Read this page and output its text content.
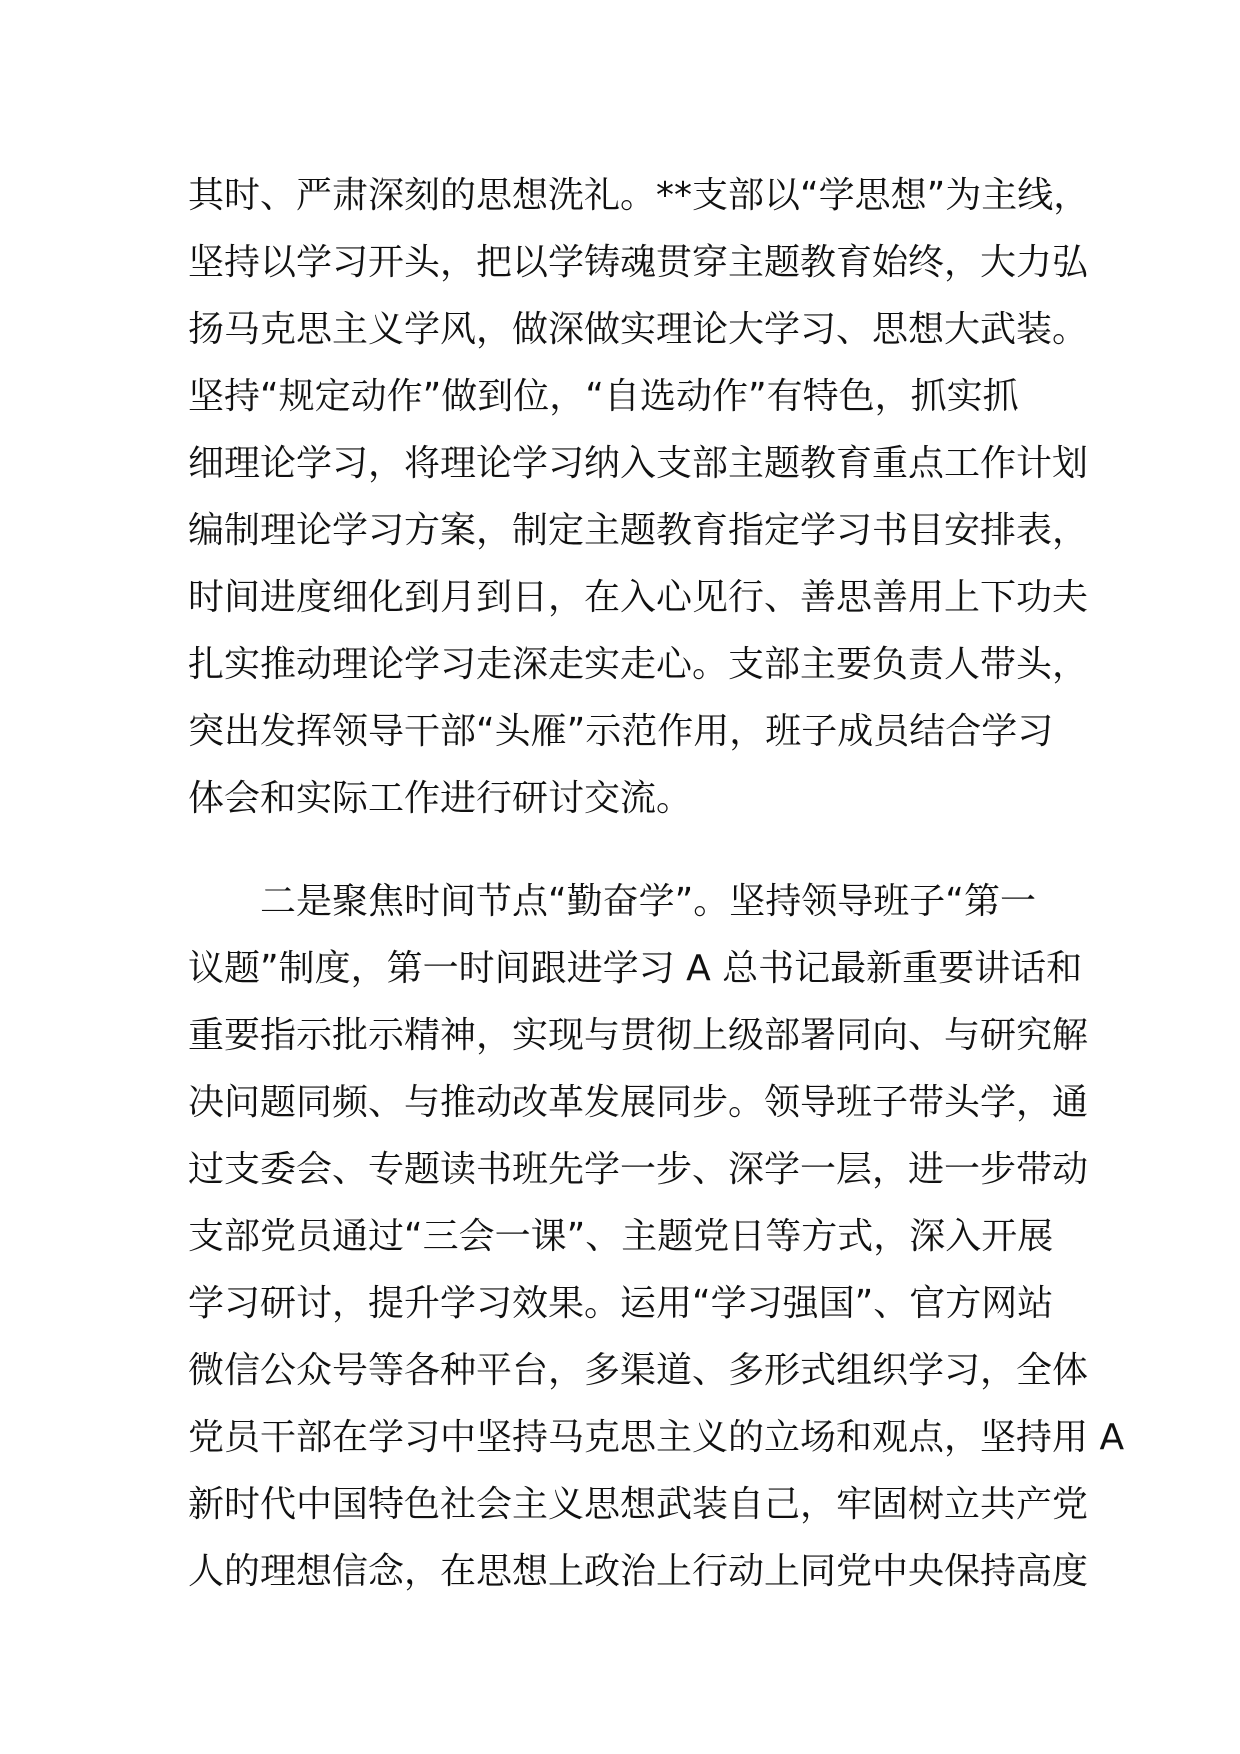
其时、严肃深刻的思想洗礼。**支部以“学思想”为主线，
坚持以学习开头，把以学铸魂贯穿主题教育始终，大力弘
扬马克思主义学风，做深做实理论大学习、思想大武装。
坚持“规定动作”做到位，“自选动作”有特色，抓实抓
细理论学习，将理论学习纳入支部主题教育重点工作计划
编制理论学习方案，制定主题教育指定学习书目安排表，
时间进度细化到月到日，在入心见行、善思善用上下功夫
扎实推动理论学习走深走实走心。支部主要负责人带头，
突出发挥领导干部“头雁”示范作用，班子成员结合学习
体会和实际工作进行研讨交流。
二是聚焦时间节点“勤奋学”。坚持领导班子“第一
议题”制度，第一时间跟进学习 A 总书记最新重要讲话和
重要指示批示精神，实现与贯彻上级部署同向、与研究解
决问题同频、与推动改革发展同步。领导班子带头学，通
过支委会、专题读书班先学一步、深学一层，进一步带动
支部党员通过“三会一课”、主题党日等方式，深入开展
学习研讨，提升学习效果。运用“学习强国”、官方网站
微信公众号等各种平台，多渠道、多形式组织学习，全体
党员干部在学习中坚持马克思主义的立场和观点，坚持用 A
新时代中国特色社会主义思想武装自己，牢固树立共产党
人的理想信念，在思想上政治上行动上同党中央保持高度
